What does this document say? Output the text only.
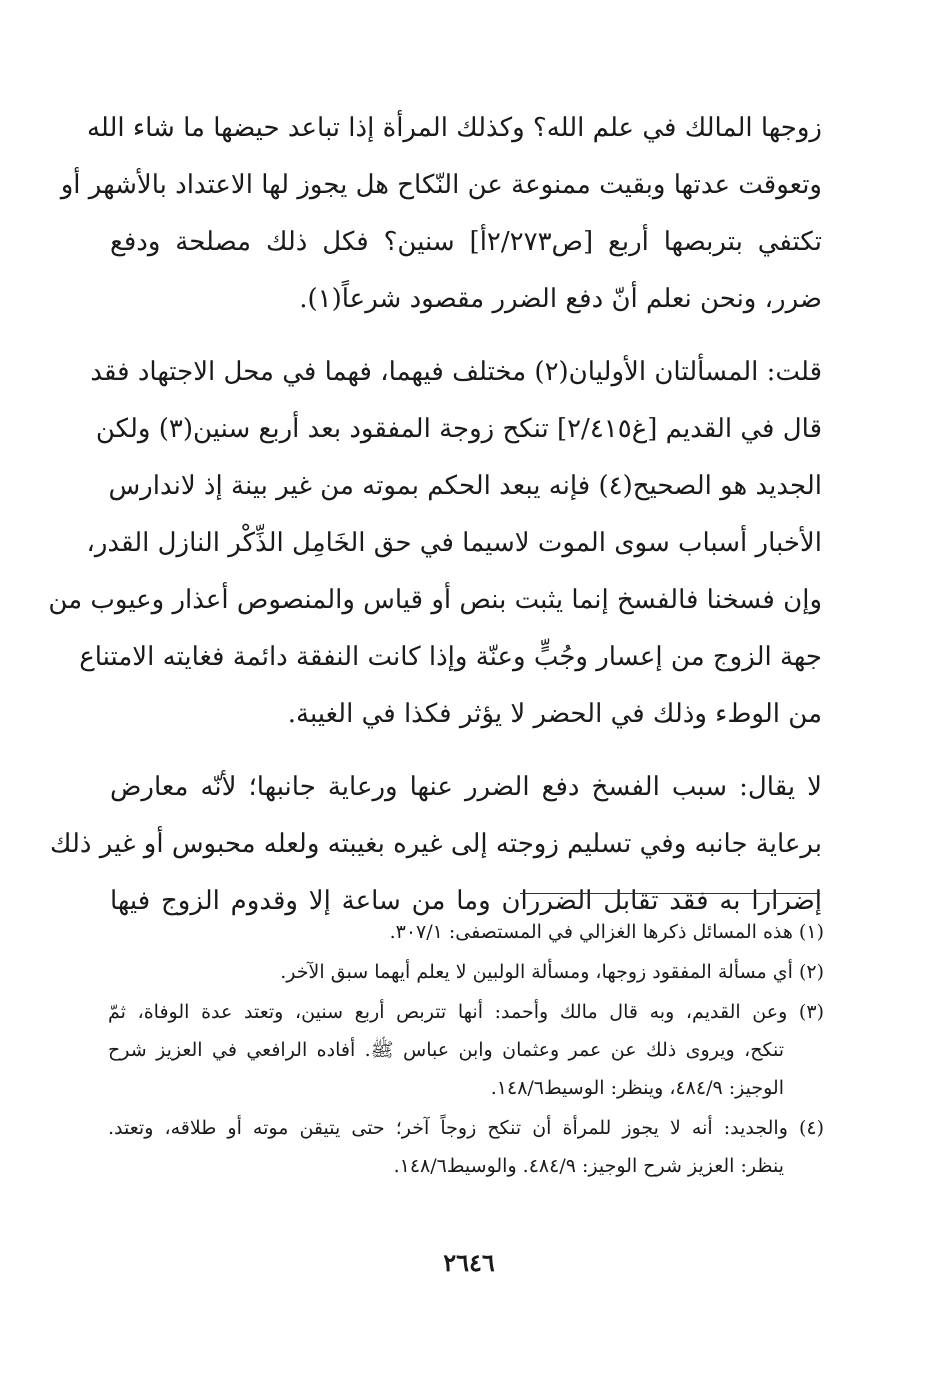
زوجها المالك في علم الله؟ وكذلك المرأة إذا تباعد حيضها ما شاء الله
وتعوقت عدتها وبقيت ممنوعة عن النّكاح هل يجوز لها الاعتداد بالأشهر أو
تكتفي بتربصها أربع [ص٢/٢٧٣أ] سنين؟ فكل ذلك مصلحة ودفع
ضرر، ونحن نعلم أنّ دفع الضرر مقصود شرعاً(١).

قلت: المسألتان الأوليان(٢) مختلف فيهما، فهما في محل الاجتهاد فقد
قال في القديم [غ٢/٤١٥] تنكح زوجة المفقود بعد أربع سنين(٣) ولكن
الجديد هو الصحيح(٤) فإنه يبعد الحكم بموته من غير بينة إذ لاندارس
الأخبار أسباب سوى الموت لاسيما في حق الخَامِل الذِّكْر النازل القدر،
وإن فسخنا فالفسخ إنما يثبت بنص أو قياس والمنصوص أعذار وعيوب من
جهة الزوج من إعسار وجُبٍّ وعنّة وإذا كانت النفقة دائمة فغايته الامتناع
من الوطء وذلك في الحضر لا يؤثر فكذا في الغيبة.

لا يقال: سبب الفسخ دفع الضرر عنها ورعاية جانبها؛ لأنّه معارض
برعاية جانبه وفي تسليم زوجته إلى غيره بغيبته ولعله محبوس أو غير ذلك
إضرارا به فقد تقابل الضرران وما من ساعة إلا وقدوم الزوج فيها

(١) هذه المسائل ذكرها الغزالي في المستصفى: ٣٠٧/١.
(٢) أي مسألة المفقود زوجها، ومسألة الولبين لا يعلم أيهما سبق الآخر.
(٣) وعن القديم، وبه قال مالك وأحمد: أنها تتربص أربع سنين، وتعتد عدة الوفاة، ثمّ
تنكح، ويروى ذلك عن عمر وعثمان وابن عباس ﷺ. أفاده الرافعي في العزيز شرح
الوجيز: ٤٨٤/٩، وينظر: الوسيط١٤٨/٦.
(٤) والجديد: أنه لا يجوز للمرأة أن تنكح زوجاً آخر؛ حتى يتيقن موته أو طلاقه، وتعتد.
ينظر: العزيز شرح الوجيز: ٤٨٤/٩. والوسيط١٤٨/٦.
٢٦٤٦
